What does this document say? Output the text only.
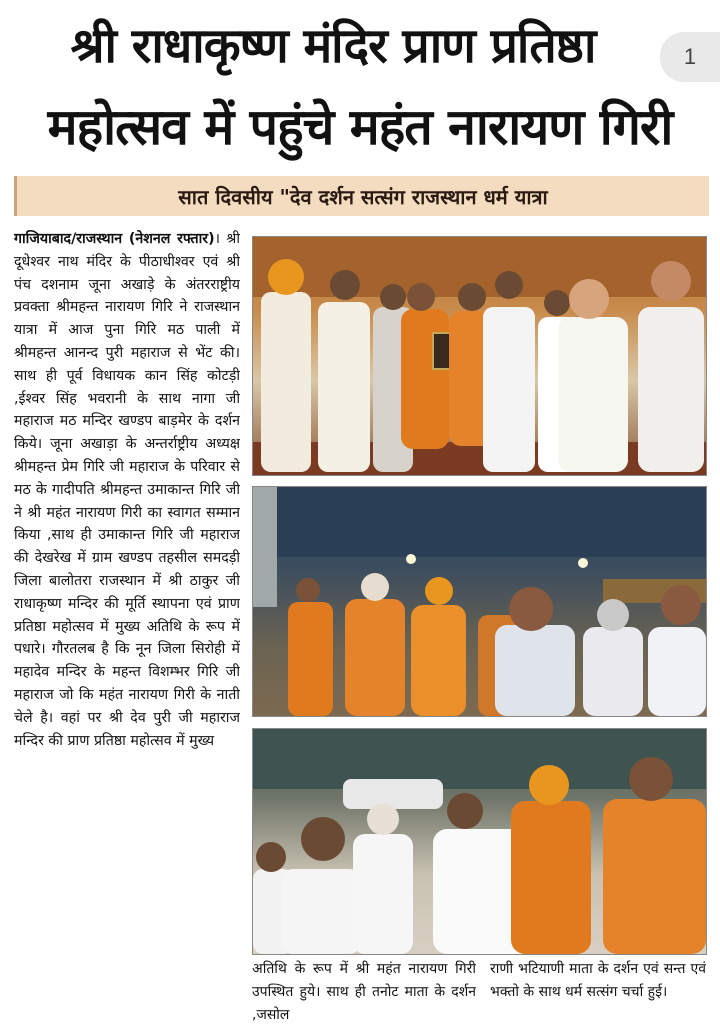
1
श्री राधाकृष्ण मंदिर प्राण प्रतिष्ठा
महोत्सव में पहुंचे महंत नारायण गिरी
सात दिवसीय "देव दर्शन सत्संग राजस्थान धर्म यात्रा

गाजियाबाद/राजस्थान (नेशनल रफ्तार)। श्री दूधेश्वर नाथ मंदिर के पीठाधीश्वर एवं श्री पंच दशनाम जूना अखाड़े के अंतरराष्ट्रीय प्रवक्ता श्रीमहन्त नारायण गिरि ने राजस्थान यात्रा में आज पुना गिरि मठ पाली में श्रीमहन्त आनन्द पुरी महाराज से भेंट की। साथ ही पूर्व विधायक कान सिंह कोटड़ी ,ईश्वर सिंह भवरानी के साथ नागा जी महाराज मठ मन्दिर खण्डप बाड़मेर के दर्शन किये। जूना अखाड़ा के अन्तर्राष्ट्रीय अध्यक्ष श्रीमहन्त प्रेम गिरि जी महाराज के परिवार से मठ के गादीपति श्रीमहन्त उमाकान्त गिरि जी ने श्री महंत नारायण गिरी का स्वागत सम्मान किया ,साथ ही उमाकान्त गिरि जी महाराज की देखरेख में ग्राम खण्डप तहसील समदड़ी जिला बालोतरा राजस्थान में श्री ठाकुर जी राधाकृष्ण मन्दिर की मूर्ति स्थापना एवं प्राण प्रतिष्ठा महोत्सव में मुख्य अतिथि के रूप में पधारे। गौरतलब है कि नून जिला सिरोही में महादेव मन्दिर के महन्त विशम्भर गिरि जी महाराज जो कि महंत नारायण गिरी के नाती चेले है। वहां पर श्री देव पुरी जी महाराज मन्दिर की प्राण प्रतिष्ठा महोत्सव में मुख्य

अतिथि के रूप में श्री महंत नारायण गिरी उपस्थित हुये। साथ ही तनोट माता के दर्शन ,जसोल
राणी भटियाणी माता के दर्शन एवं सन्त एवं भक्तो के साथ धर्म सत्संग चर्चा हुई।
